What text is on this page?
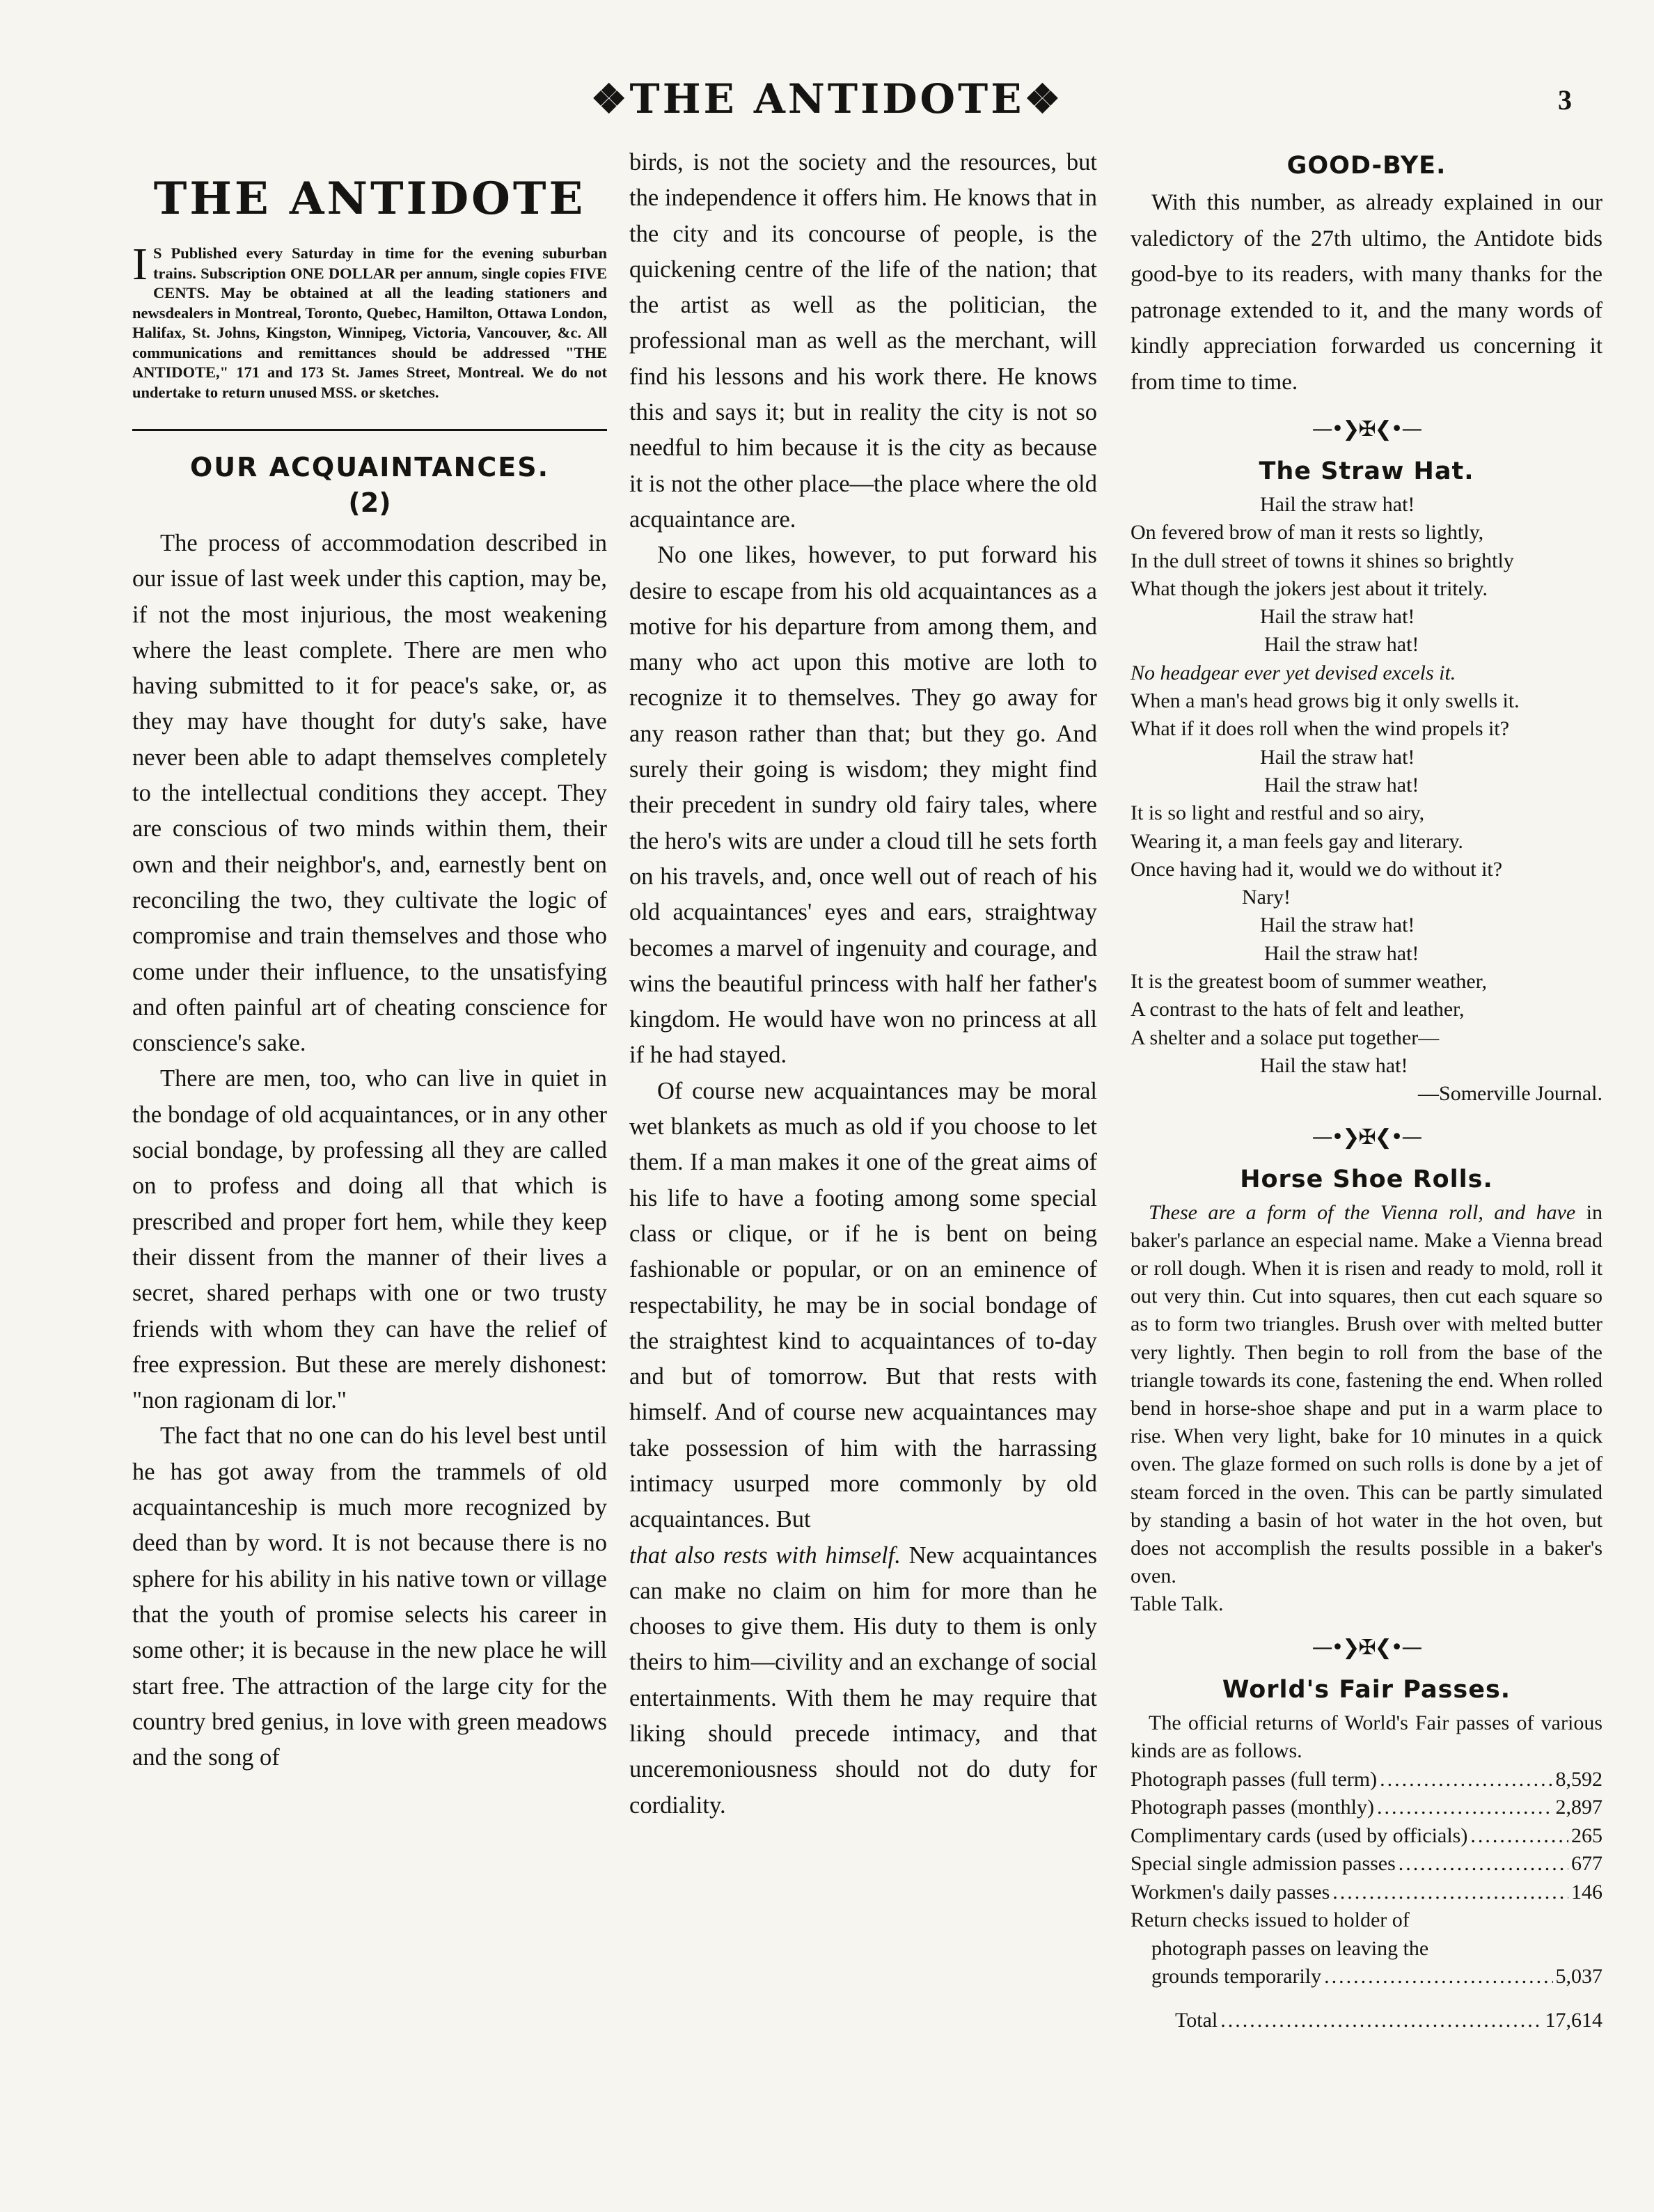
❖THE ANTIDOTE❖	3
THE ANTIDOTE
I S Published every Saturday in time for the evening suburban trains. Subscription ONE DOLLAR per annum, single copies FIVE CENTS. May be obtained at all the leading stationers and newsdealers in Montreal, Toronto, Quebec, Hamilton, Ottawa London, Halifax, St. Johns, Kingston, Winnipeg, Victoria, Vancouver, &c. All communications and remittances should be addressed "THE ANTIDOTE," 171 and 173 St. James Street, Montreal. We do not undertake to return unused MSS. or sketches.
OUR ACQUAINTANCES.
(2)

The process of accommodation described in our issue of last week under this caption, may be, if not the most injurious, the most weakening where the least complete. There are men who having submitted to it for peace's sake, or, as they may have thought for duty's sake, have never been able to adapt themselves completely to the intellectual conditions they accept. They are conscious of two minds within them, their own and their neighbor's, and, earnestly bent on reconciling the two, they cultivate the logic of compromise and train themselves and those who come under their influence, to the unsatisfying and often painful art of cheating conscience for conscience's sake.

There are men, too, who can live in quiet in the bondage of old acquaintances, or in any other social bondage, by professing all they are called on to profess and doing all that which is prescribed and proper fort hem, while they keep their dissent from the manner of their lives a secret, shared perhaps with one or two trusty friends with whom they can have the relief of free expression. But these are merely dishonest: "non ragionam di lor."

The fact that no one can do his level best until he has got away from the trammels of old acquaintanceship is much more recognized by deed than by word. It is not because there is no sphere for his ability in his native town or village that the youth of promise selects his career in some other; it is because in the new place he will start free. The attraction of the large city for the country bred genius, in love with green meadows and the song of

birds, is not the society and the resources, but the independence it offers him. He knows that in the city and its concourse of people, is the quickening centre of the life of the nation; that the artist as well as the politician, the professional man as well as the merchant, will find his lessons and his work there. He knows this and says it; but in reality the city is not so needful to him because it is the city as because it is not the other place—the place where the old acquaintance are.

No one likes, however, to put forward his desire to escape from his old acquaintances as a motive for his departure from among them, and many who act upon this motive are loth to recognize it to themselves. They go away for any reason rather than that; but they go. And surely their going is wisdom; they might find their precedent in sundry old fairy tales, where the hero's wits are under a cloud till he sets forth on his travels, and, once well out of reach of his old acquaintances' eyes and ears, straightway becomes a marvel of ingenuity and courage, and wins the beautiful princess with half her father's kingdom. He would have won no princess at all if he had stayed.

Of course new acquaintances may be moral wet blankets as much as old if you choose to let them. If a man makes it one of the great aims of his life to have a footing among some special class or clique, or if he is bent on being fashionable or popular, or on an eminence of respectability, he may be in social bondage of the straightest kind to acquaintances of to-day and but of tomorrow. But that rests with himself. And of course new acquaintances may take possession of him with the harrassing intimacy usurped more commonly by old acquaintances. But

that also rests with himself. New acquaintances can make no claim on him for more than he chooses to give them. His duty to them is only theirs to him—civility and an exchange of social entertainments. With them he may require that liking should precede intimacy, and that unceremoniousness should not do duty for cordiality.

GOOD-BYE.

With this number, as already explained in our valedictory of the 27th ultimo, the Antidote bids good-bye to its readers, with many thanks for the patronage extended to it, and the many words of kindly appreciation forwarded us concerning it from time to time.

—•❯✠❮•—
The Straw Hat.
Hail the straw hat!
On fevered brow of man it rests so lightly,
In the dull street of towns it shines so brightly
What though the jokers jest about it tritely.
Hail the straw hat!
Hail the straw hat!
No headgear ever yet devised excels it.
When a man's head grows big it only swells it.
What if it does roll when the wind propels it?
Hail the straw hat!
Hail the straw hat!
It is so light and restful and so airy,
Wearing it, a man feels gay and literary.
Once having had it, would we do without it?
Nary!
Hail the straw hat!
Hail the straw hat!
It is the greatest boom of summer weather,
A contrast to the hats of felt and leather,
A shelter and a solace put together—
Hail the staw hat!
—Somerville Journal.
—•❯✠❮•—
Horse Shoe Rolls.

These are a form of the Vienna roll, and have in baker's parlance an especial name. Make a Vienna bread or roll dough. When it is risen and ready to mold, roll it out very thin. Cut into squares, then cut each square so as to form two triangles. Brush over with melted butter very lightly. Then begin to roll from the base of the triangle towards its cone, fastening the end. When rolled bend in horse-shoe shape and put in a warm place to rise. When very light, bake for 10 minutes in a quick oven. The glaze formed on such rolls is done by a jet of steam forced in the oven. This can be partly simulated by standing a basin of hot water in the hot oven, but does not accomplish the results possible in a baker's oven.

Table Talk.
—•❯✠❮•—
World's Fair Passes.
The official returns of World's Fair passes of various kinds are as follows.
Photograph passes (full term) .....	8,592
Photograph passes (monthly) .....	2,897
Complimentary cards (used by officials) .....	265
Special single admission passes .....	677
Workmen's daily passes .....	146
Return checks issued to holder of
photograph passes on leaving the
grounds temporarily .....	5,037
Total .....	17,614
